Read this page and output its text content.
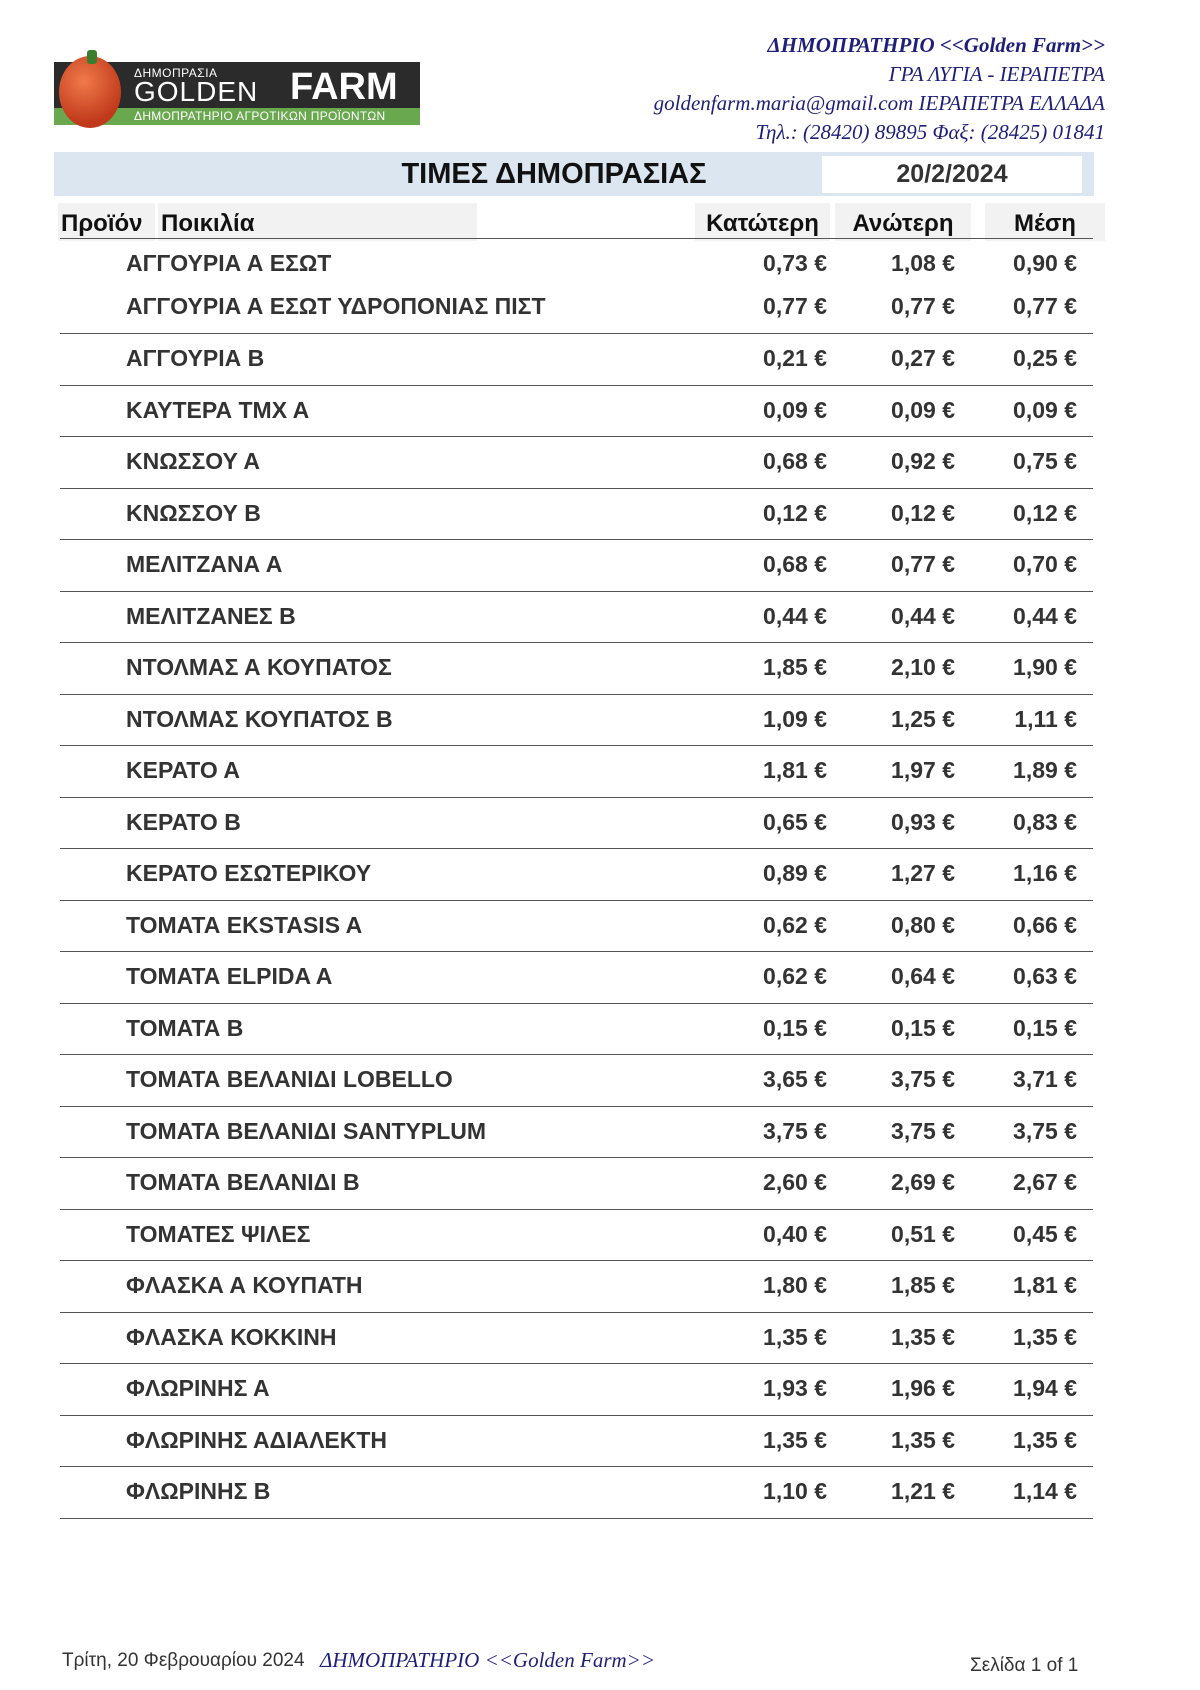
ΔΗΜΟΠΡΑΤΗΡΙΟ ΑΓΡΟΤΙΚΩΝ ΠΡΟΪΟΝΤΩΝ
ΔΗΜΟΠΡΑΣΙΑ
GOLDEN FARM
ΔΗΜΟΠΡΑΤΗΡΙΟ <<Golden Farm>>
ΓΡΑ ΛΥΓΙΑ - ΙΕΡΑΠΕΤΡΑ
goldenfarm.maria@gmail.com ΙΕΡΑΠΕΤΡΑ ΕΛΛΑΔΑ
Τηλ.: (28420) 89895 Φαξ: (28425) 01841
ΤΙΜΕΣ ΔΗΜΟΠΡΑΣΙΑΣ	20/2/2024
Προϊόν Ποικιλία	Κατώτερη	Ανώτερη	Μέση
ΑΓΓΟΥΡΙΑ Α ΕΣΩΤ	0,73 €	1,08 €	0,90 €
ΑΓΓΟΥΡΙΑ Α ΕΣΩΤ ΥΔΡΟΠΟΝΙΑΣ ΠΙΣΤ	0,77 €	0,77 €	0,77 €
ΑΓΓΟΥΡΙΑ Β	0,21 €	0,27 €	0,25 €
ΚΑΥΤΕΡΑ ΤΜΧ Α	0,09 €	0,09 €	0,09 €
ΚΝΩΣΣΟΥ Α	0,68 €	0,92 €	0,75 €
ΚΝΩΣΣΟΥ Β	0,12 €	0,12 €	0,12 €
ΜΕΛΙΤΖΑΝΑ Α	0,68 €	0,77 €	0,70 €
ΜΕΛΙΤΖΑΝΕΣ Β	0,44 €	0,44 €	0,44 €
ΝΤΟΛΜΑΣ Α ΚΟΥΠΑΤΟΣ	1,85 €	2,10 €	1,90 €
ΝΤΟΛΜΑΣ ΚΟΥΠΑΤΟΣ Β	1,09 €	1,25 €	1,11 €
ΚΕΡΑΤΟ Α	1,81 €	1,97 €	1,89 €
ΚΕΡΑΤΟ Β	0,65 €	0,93 €	0,83 €
ΚΕΡΑΤΟ ΕΣΩΤΕΡΙΚΟΥ	0,89 €	1,27 €	1,16 €
ΤΟΜΑΤΑ EKSTASIS A	0,62 €	0,80 €	0,66 €
ΤΟΜΑΤΑ ELPIDA A	0,62 €	0,64 €	0,63 €
ΤΟΜΑΤΑ Β	0,15 €	0,15 €	0,15 €
ΤΟΜΑΤΑ ΒΕΛΑΝΙΔΙ LOBELLO	3,65 €	3,75 €	3,71 €
ΤΟΜΑΤΑ ΒΕΛΑΝΙΔΙ SANTYPLUM	3,75 €	3,75 €	3,75 €
ΤΟΜΑΤΑ ΒΕΛΑΝΙΔΙ Β	2,60 €	2,69 €	2,67 €
ΤΟΜΑΤΕΣ ΨΙΛΕΣ	0,40 €	0,51 €	0,45 €
ΦΛΑΣΚΑ Α ΚΟΥΠΑΤΗ	1,80 €	1,85 €	1,81 €
ΦΛΑΣΚΑ ΚΟΚΚΙΝΗ	1,35 €	1,35 €	1,35 €
ΦΛΩΡΙΝΗΣ Α	1,93 €	1,96 €	1,94 €
ΦΛΩΡΙΝΗΣ ΑΔΙΑΛΕΚΤΗ	1,35 €	1,35 €	1,35 €
ΦΛΩΡΙΝΗΣ Β	1,10 €	1,21 €	1,14 €
Τρίτη, 20 Φεβρουαρίου 2024 ΔΗΜΟΠΡΑΤΗΡΙΟ <<Golden Farm>>	Σελίδα 1 of 1
